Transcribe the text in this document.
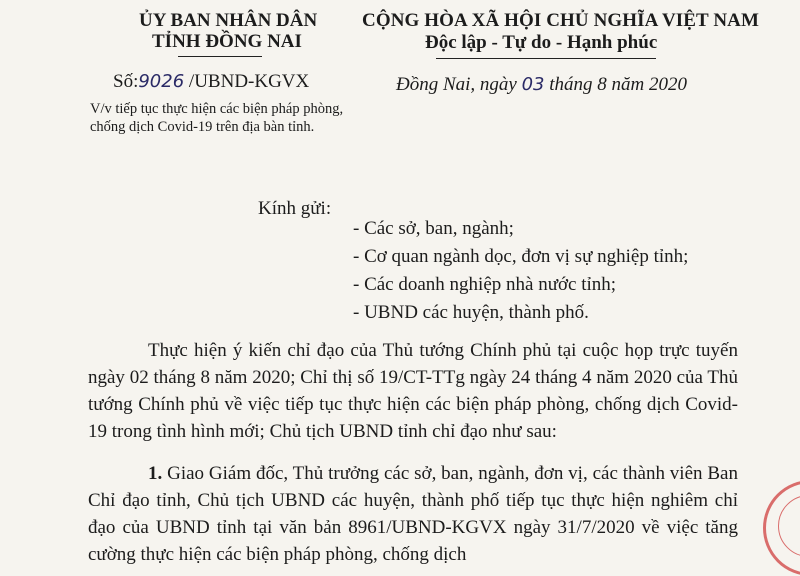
ỦY BAN NHÂN DÂN
TỈNH ĐỒNG NAI
CỘNG HÒA XÃ HỘI CHỦ NGHĨA VIỆT NAM
Độc lập - Tự do - Hạnh phúc
Số:9026 /UBND-KGVX	Đồng Nai, ngày 03 tháng 8 năm 2020
V/v tiếp tục thực hiện các biện pháp phòng, chống dịch Covid-19 trên địa bàn tỉnh.
Kính gửi:
- Các sở, ban, ngành;
- Cơ quan ngành dọc, đơn vị sự nghiệp tỉnh;
- Các doanh nghiệp nhà nước tỉnh;
- UBND các huyện, thành phố.
Thực hiện ý kiến chỉ đạo của Thủ tướng Chính phủ tại cuộc họp trực tuyến ngày 02 tháng 8 năm 2020; Chỉ thị số 19/CT-TTg ngày 24 tháng 4 năm 2020 của Thủ tướng Chính phủ về việc tiếp tục thực hiện các biện pháp phòng, chống dịch Covid-19 trong tình hình mới; Chủ tịch UBND tỉnh chỉ đạo như sau:
1. Giao Giám đốc, Thủ trưởng các sở, ban, ngành, đơn vị, các thành viên Ban Chỉ đạo tỉnh, Chủ tịch UBND các huyện, thành phố tiếp tục thực hiện nghiêm chỉ đạo của UBND tỉnh tại văn bản 8961/UBND-KGVX ngày 31/7/2020 về việc tăng cường thực hiện các biện pháp phòng, chống dịch
